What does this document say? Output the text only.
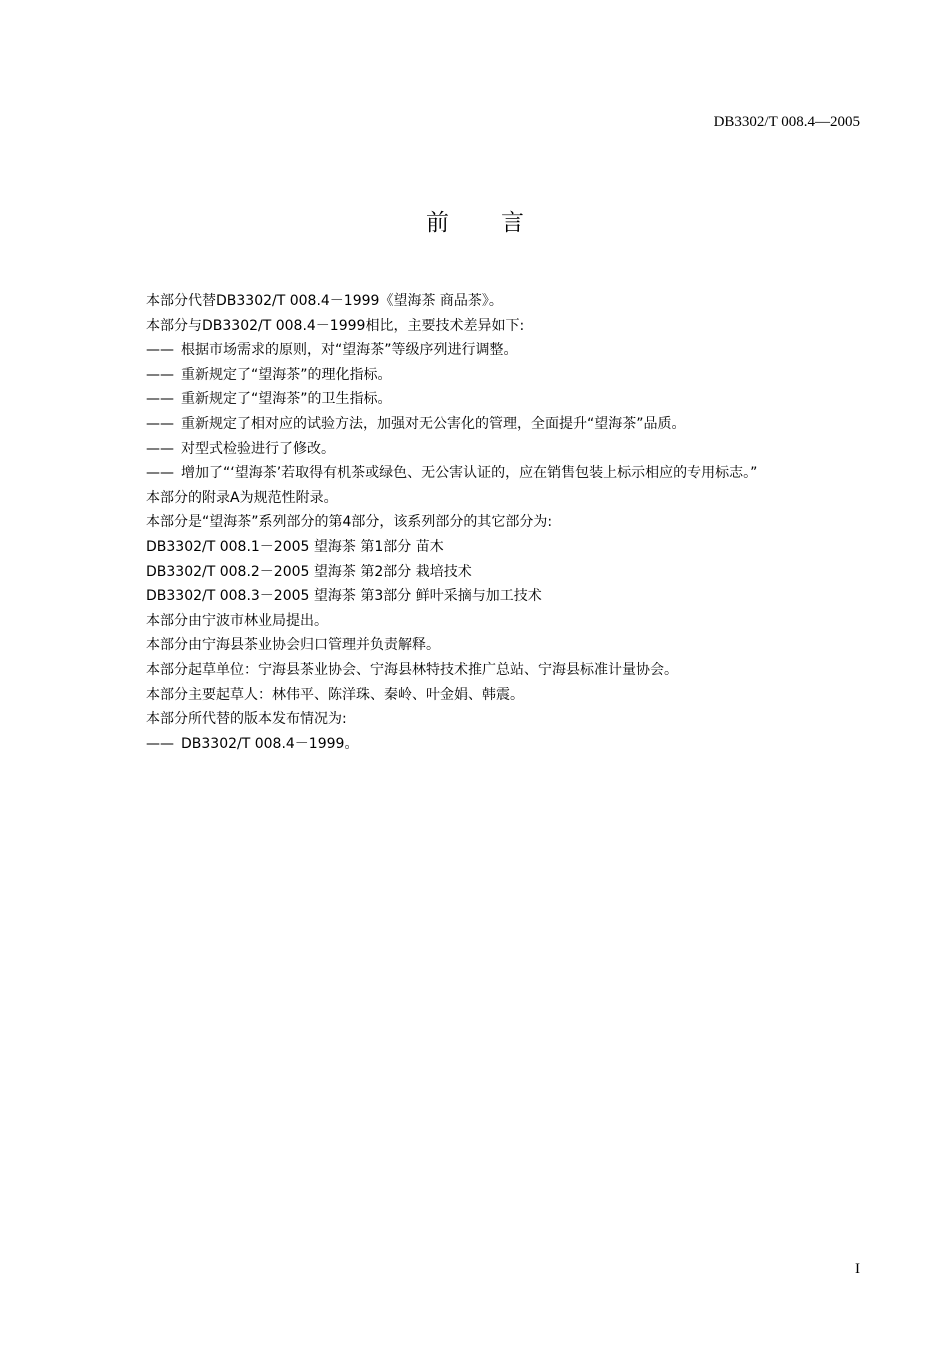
DB3302/T 008.4—2005
前言
本部分代替DB3302/T 008.4－1999《望海茶 商品茶》。
本部分与DB3302/T 008.4－1999相比，主要技术差异如下:
—— 根据市场需求的原则，对“望海茶”等级序列进行调整。
—— 重新规定了“望海茶”的理化指标。
—— 重新规定了“望海茶”的卫生指标。
—— 重新规定了相对应的试验方法，加强对无公害化的管理，全面提升“望海茶”品质。
—— 对型式检验进行了修改。
—— 增加了“‘望海茶’若取得有机茶或绿色、无公害认证的，应在销售包装上标示相应的专用标志。”
本部分的附录A为规范性附录。
本部分是“望海茶”系列部分的第4部分，该系列部分的其它部分为:
DB3302/T 008.1－2005 望海茶 第1部分 苗木
DB3302/T 008.2－2005 望海茶 第2部分 栽培技术
DB3302/T 008.3－2005 望海茶 第3部分 鲜叶采摘与加工技术
本部分由宁波市林业局提出。
本部分由宁海县茶业协会归口管理并负责解释。
本部分起草单位：宁海县茶业协会、宁海县林特技术推广总站、宁海县标准计量协会。
本部分主要起草人：林伟平、陈洋珠、秦岭、叶金娟、韩震。
本部分所代替的版本发布情况为:
—— DB3302/T 008.4－1999。
I
